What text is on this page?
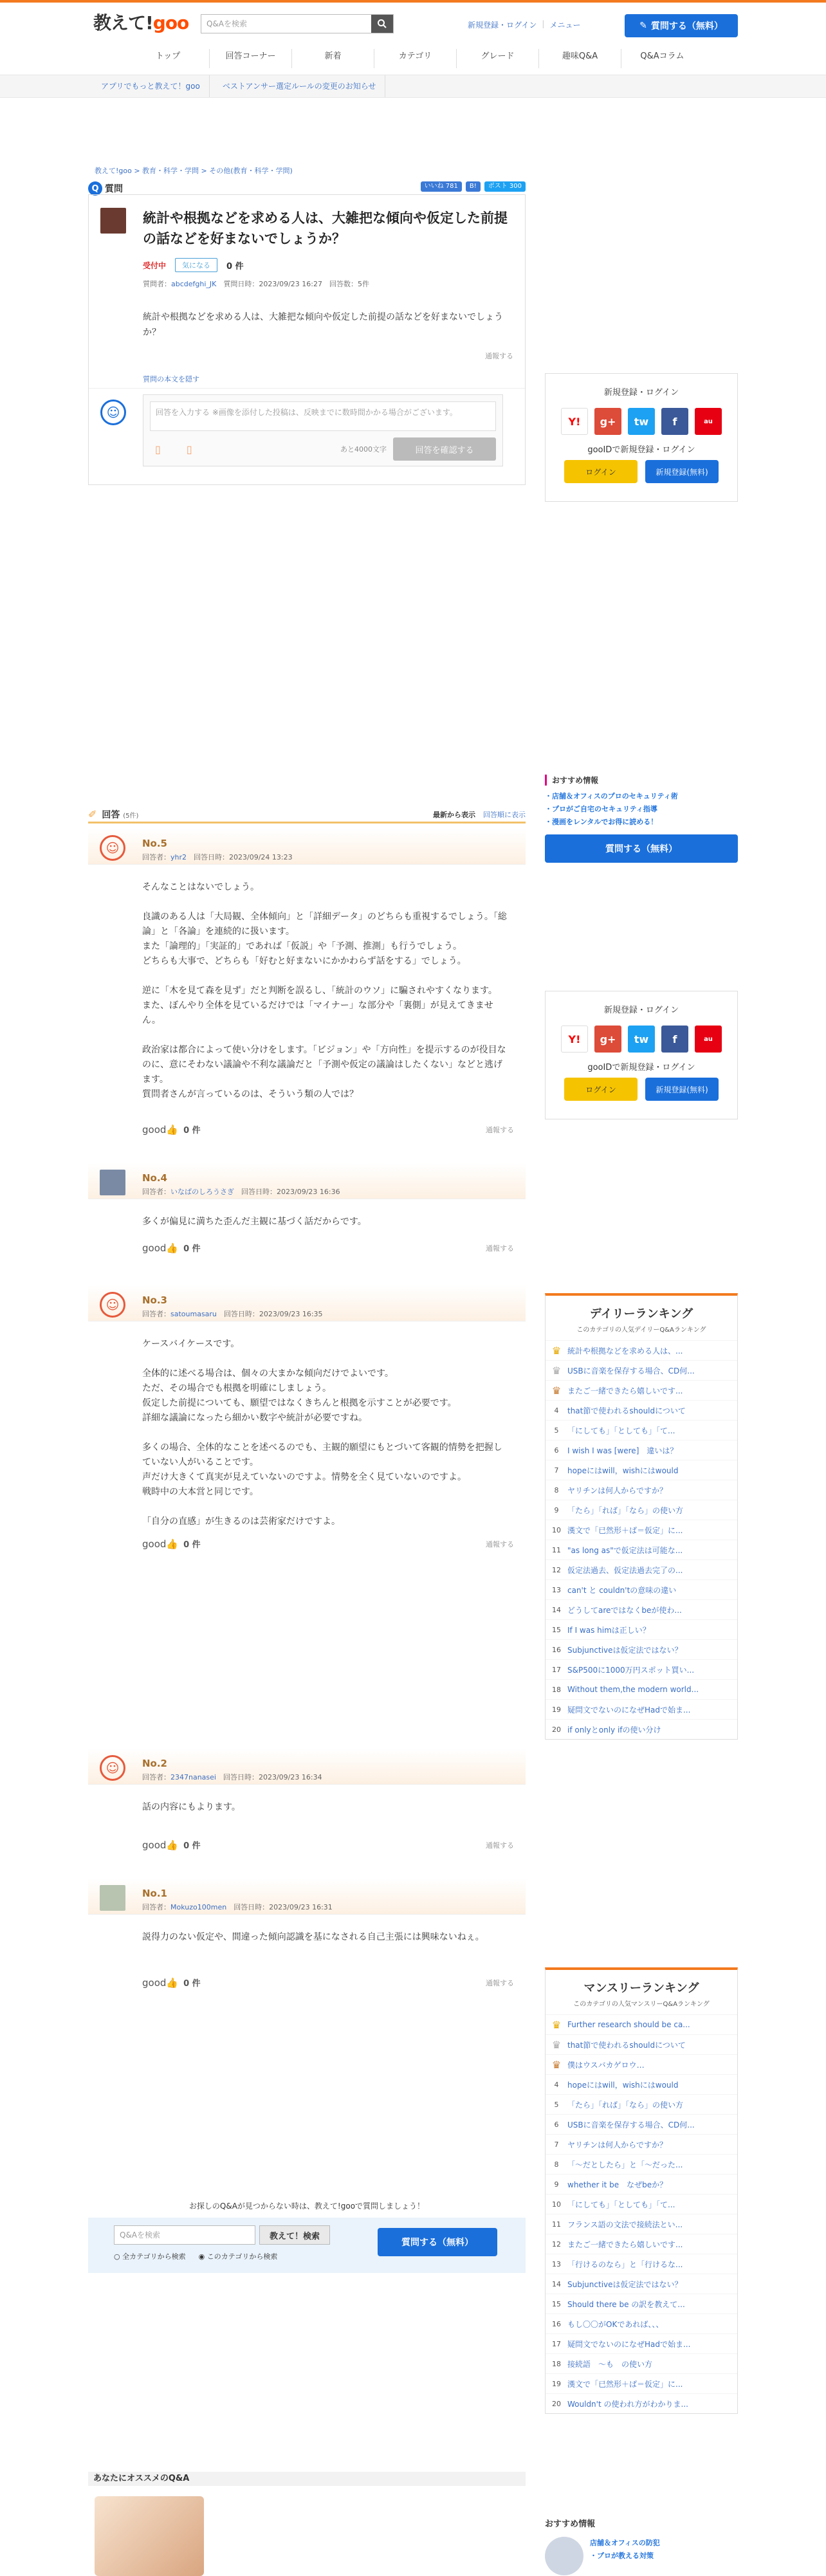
教えて!goo	Q&Aを検索	新規登録・ログイン | メニュー	✎ 質問する（無料）
トップ	回答コーナー	新着	カテゴリ	グレード	趣味Q&A	Q&Aコラム
アプリでもっと教えて！goo	ベストアンサー選定ルールの変更のお知らせ
教えて!goo > 教育・科学・学問 > その他(教育・科学・学問)
Q 質問	いいね 781	B!	ポスト 300
統計や根拠などを求める人は、大雑把な傾向や仮定した前提の話などを好まないでしょうか？
受付中	気になる	0 件
質問者：abcdefghi_JK　質問日時：2023/09/23 16:27　回答数：5件
統計や根拠などを求める人は、大雑把な傾向や仮定した前提の話などを好まないでしょうか？
通報する
質問の本文を隠す
☺	回答を入力する ※画像を添付した投稿は、反映までに数時間かかる場合がございます。
▯	▯	あと4000文字	回答を確認する
✐ 回答 (5件)	最新から表示 回答順に表示
☺	No.5
回答者：yhr2　 回答日時：2023/09/24 13:23
そんなことはないでしょう。

良識のある人は「大局観、全体傾向」と「詳細データ」のどちらも重視するでしょう。「総論」と「各論」を連続的に扱います。
また「論理的」「実証的」であれば「仮説」や「予測、推測」も行うでしょう。
どちらも大事で、どちらも「好むと好まないにかかわらず話をする」でしょう。

逆に「木を見て森を見ず」だと判断を誤るし、「統計のウソ」に騙されやすくなります。
また、ぼんやり全体を見ているだけでは「マイナー」な部分や「裏側」が見えてきません。

政治家は都合によって使い分けをします。「ビジョン」や「方向性」を提示するのが役目なのに、意にそわない議論や不利な議論だと「予測や仮定の議論はしたくない」などと逃げます。
質問者さんが言っているのは、そういう類の人では？
good👍 0 件	通報する
No.4
回答者：いなばのしろうさぎ　 回答日時：2023/09/23 16:36
多くが偏見に満ちた歪んだ主観に基づく話だからです。
good👍 0 件	通報する
☺	No.3
回答者：satoumasaru　 回答日時：2023/09/23 16:35
ケースバイケースです。

全体的に述べる場合は、個々の大まかな傾向だけでよいです。
ただ、その場合でも根拠を明確にしましょう。
仮定した前提についても、願望ではなくきちんと根拠を示すことが必要です。
詳細な議論になったら細かい数字や統計が必要ですね。

多くの場合、全体的なことを述べるのでも、主観的願望にもとづいて客観的情勢を把握していない人がいることです。
声だけ大きくて真実が見えていないのですよ。情勢を全く見ていないのですよ。
戦時中の大本営と同じです。

「自分の直感」が生きるのは芸術家だけですよ。
good👍 0 件	通報する
☺	No.2
回答者：2347nanasei　 回答日時：2023/09/23 16:34
話の内容にもよります。
good👍 0 件	通報する
No.1
回答者：Mokuzo100men　 回答日時：2023/09/23 16:31
説得力のない仮定や、間違った傾向認識を基になされる自己主張には興味ないねぇ。
good👍 0 件	通報する
お探しのQ&Aが見つからない時は、教えて!gooで質問しましょう！
Q&Aを検索	教えて！検索
○ 全カテゴリから検索 ◉ このカテゴリから検索
質問する（無料）
あなたにオススメのQ&A
新規登録・ログイン
Y!	g+	tw	f	au
gooIDで新規登録・ログイン
ログイン	新規登録(無料)
おすすめ情報
・店舗＆オフィスのプロのセキュリティ術
・プロがご自宅のセキュリティ指導
・漫画をレンタルでお得に読める！
質問する（無料）
新規登録・ログイン
Y!	g+	tw	f	au
gooIDで新規登録・ログイン
ログイン	新規登録(無料)
デイリーランキング
このカテゴリの人気デイリーQ&Aランキング
♛ 統計や根拠などを求める人は、...
♛ USBに音楽を保存する場合、CD何...
♛ またご一緒できたら嬉しいです...
4	that節で使われるshouldについて
5	「にしても」「としても」「て...
6	I wish I was [were]　違いは？
7	hopeにはwill，wishにはwould
8	ヤリチンは何人からですか？
9	「たら」「れば」「なら」の使い方
10 漢文で「已然形＋ば＝仮定」に...
11 "as long as"で仮定法は可能な...
12 仮定法過去、仮定法過去完了の...
13 can't と couldn'tの意味の違い
14 どうしてareではなくbeが使わ...
15 If I was himは正しい？
16 Subjunctiveは仮定法ではない？
17 S&P500に1000万円スポット買い...
18 Without them,the modern world...
19 疑問文でないのになぜHadで始ま...
20 if onlyとonly ifの使い分け
マンスリーランキング
このカテゴリの人気マンスリーQ&Aランキング
♛ Further research should be ca...
♛ that節で使われるshouldについて
♛ 僕はウスバカゲロウ…
4	hopeにはwill，wishにはwould
5	「たら」「れば」「なら」の使い方
6	USBに音楽を保存する場合、CD何...
7	ヤリチンは何人からですか？
8	「〜だとしたら」と「〜だった...
9	whether it be　なぜbeか？
10 「にしても」「としても」「て...
11 フランス語の文法で接続法とい...
12 またご一緒できたら嬉しいです...
13 「行けるのなら」と「行けるな...
14 Subjunctiveは仮定法ではない？
15 Should there be の訳を教えて...
16 もし〇〇がOKであれば、、、
17 疑問文でないのになぜHadで始ま...
18 接続語　〜も　の使い方
19 漢文で「已然形＋ば＝仮定」に...
20 Wouldn't の使われ方がわかりま...
おすすめ情報
店舗＆オフィスの防犯
・プロが教える対策
